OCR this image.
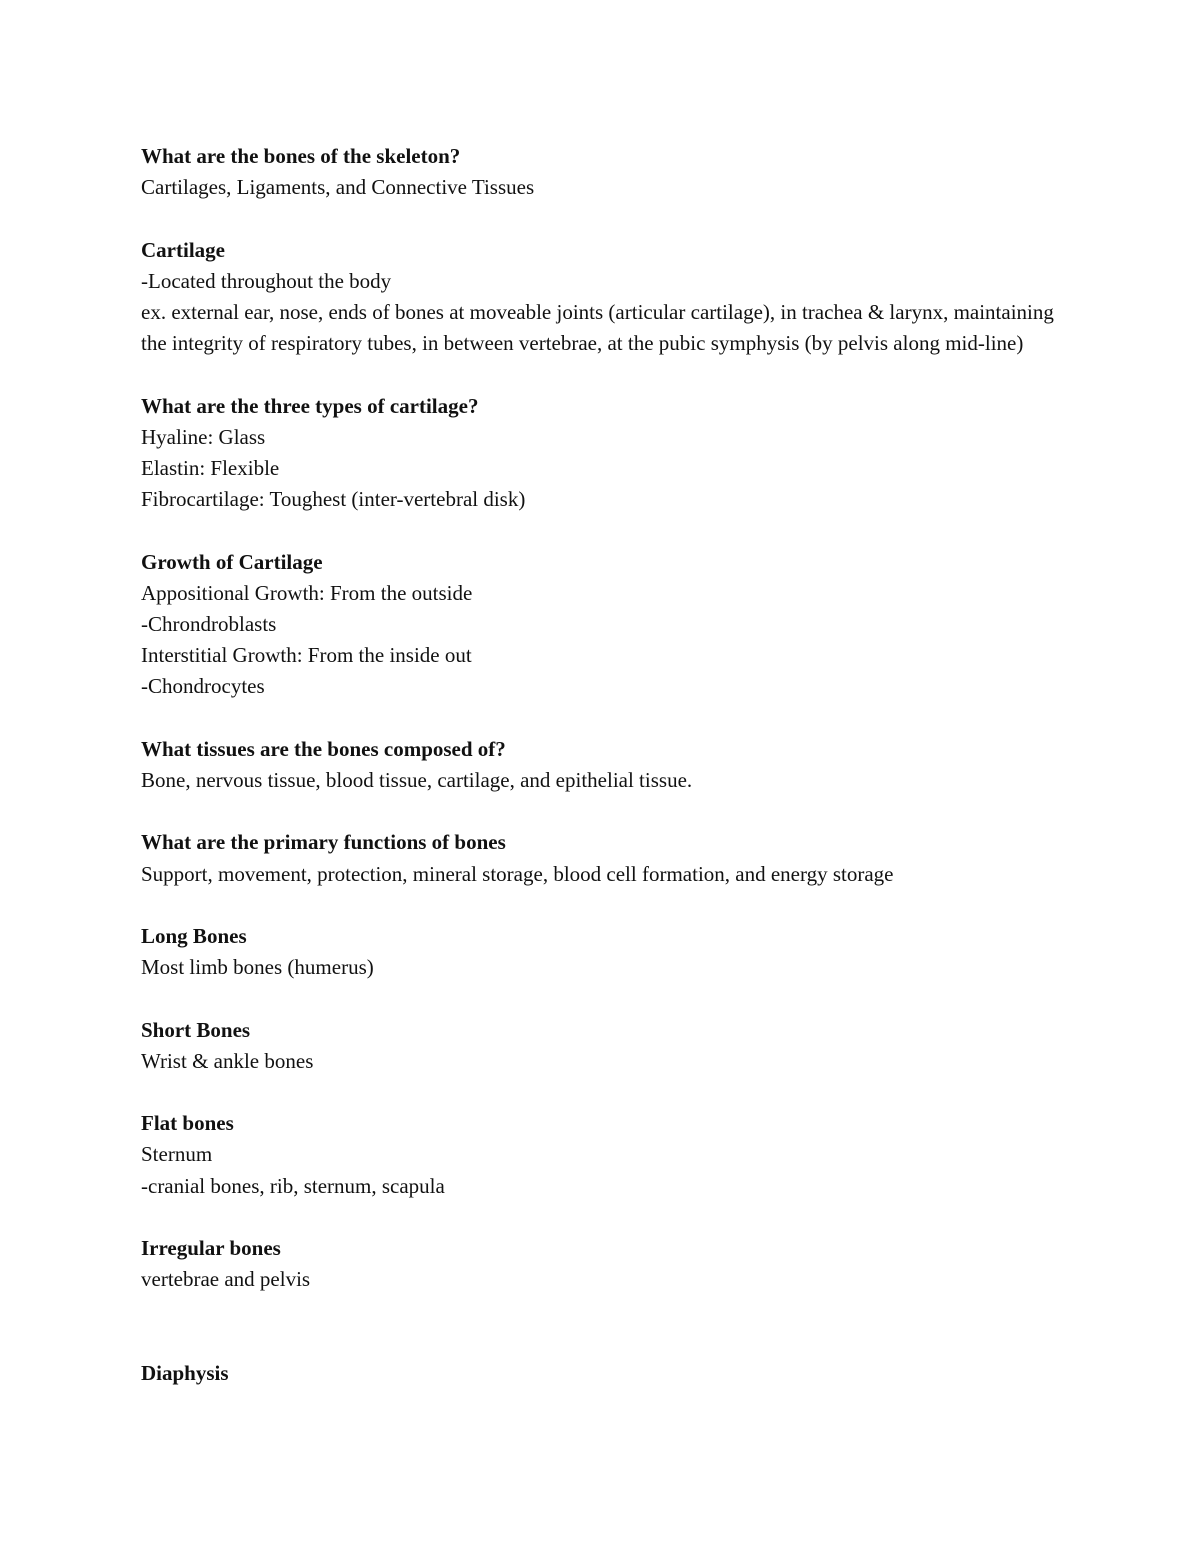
What are the bones of the skeleton?
Cartilages, Ligaments, and Connective Tissues
Cartilage
-Located throughout the body
ex. external ear, nose, ends of bones at moveable joints (articular cartilage), in trachea & larynx, maintaining the integrity of respiratory tubes, in between vertebrae, at the pubic symphysis (by pelvis along mid-line)
What are the three types of cartilage?
Hyaline: Glass
Elastin: Flexible
Fibrocartilage: Toughest (inter-vertebral disk)
Growth of Cartilage
Appositional Growth: From the outside
-Chrondroblasts
Interstitial Growth: From the inside out
-Chondrocytes
What tissues are the bones composed of?
Bone, nervous tissue, blood tissue, cartilage, and epithelial tissue.
What are the primary functions of bones
Support, movement, protection, mineral storage, blood cell formation, and energy storage
Long Bones
Most limb bones (humerus)
Short Bones
Wrist & ankle bones
Flat bones
Sternum
-cranial bones, rib, sternum, scapula
Irregular bones
vertebrae and pelvis
Diaphysis
